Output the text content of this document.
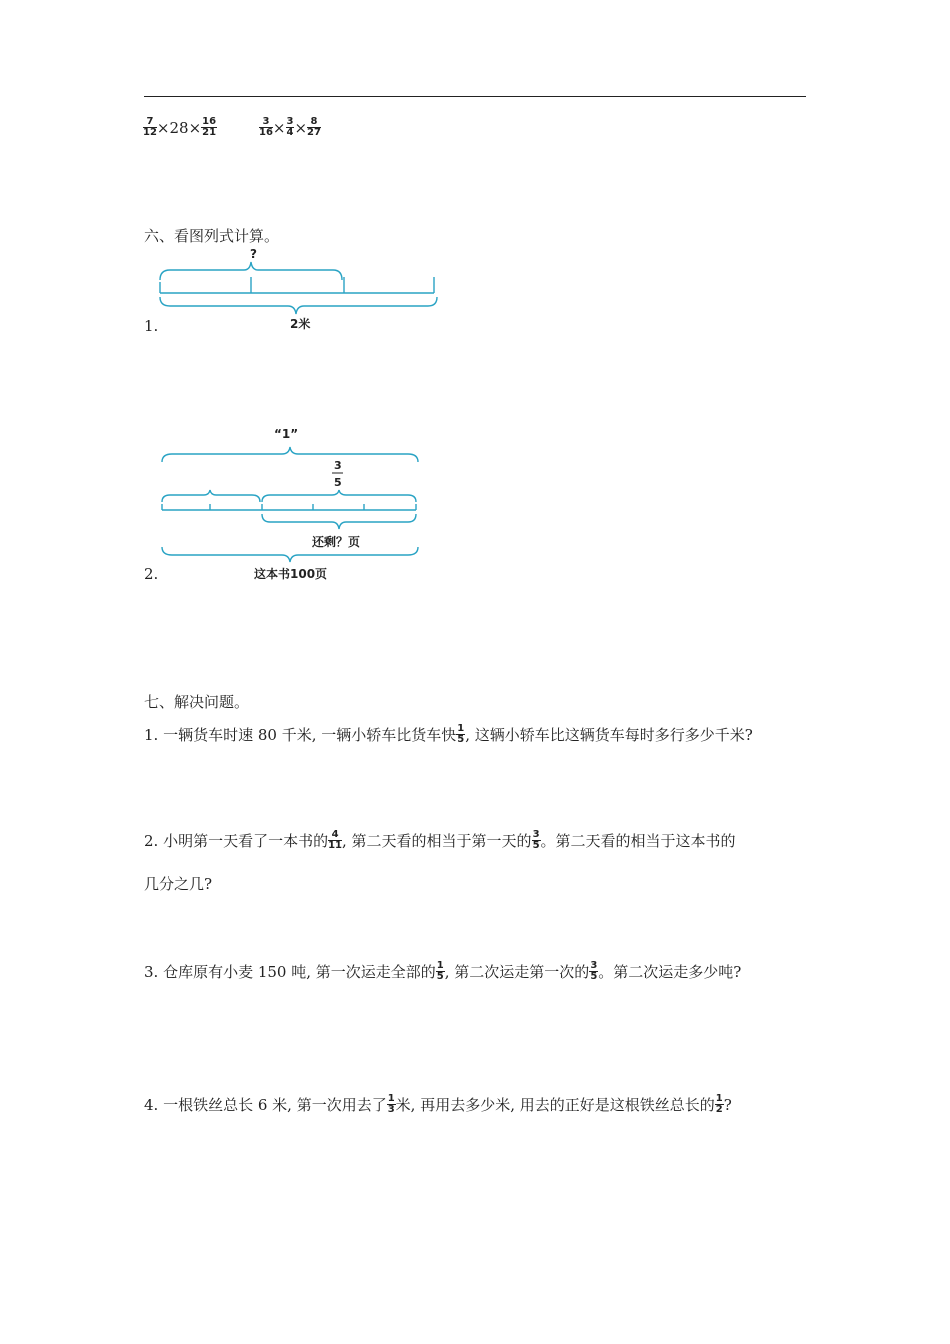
$\frac{7}{12} \times 28\times \frac{16}{21}$	$\frac{3}{16} \times \frac{3}{4} \times \frac{8}{27}$
六、看图列式计算。
?
2米
1.
“1”
3
5
还剩？页
这本书100页
2.
七、解决问题。
1. 一辆货车时速 80 千米, 一辆小轿车比货车快 $\frac{1}{5}$ , 这辆小轿车比这辆货车每时多行多少千米?
2. 小明第一天看了一本书的 $\frac{4}{11}$ , 第二天看的相当于第一天的 $\frac{3}{5}$ 。第二天看的相当于这本书的
几分之几?
3. 仓库原有小麦 150 吨, 第一次运走全部的 $\frac{1}{5}$ , 第二次运走第一次的 $\frac{3}{5}$ 。第二次运走多少吨?
4. 一根铁丝总长 6 米, 第一次用去了 $\frac{1}{3}$ 米, 再用去多少米, 用去的正好是这根铁丝总长的 $\frac{1}{2}$ ?
